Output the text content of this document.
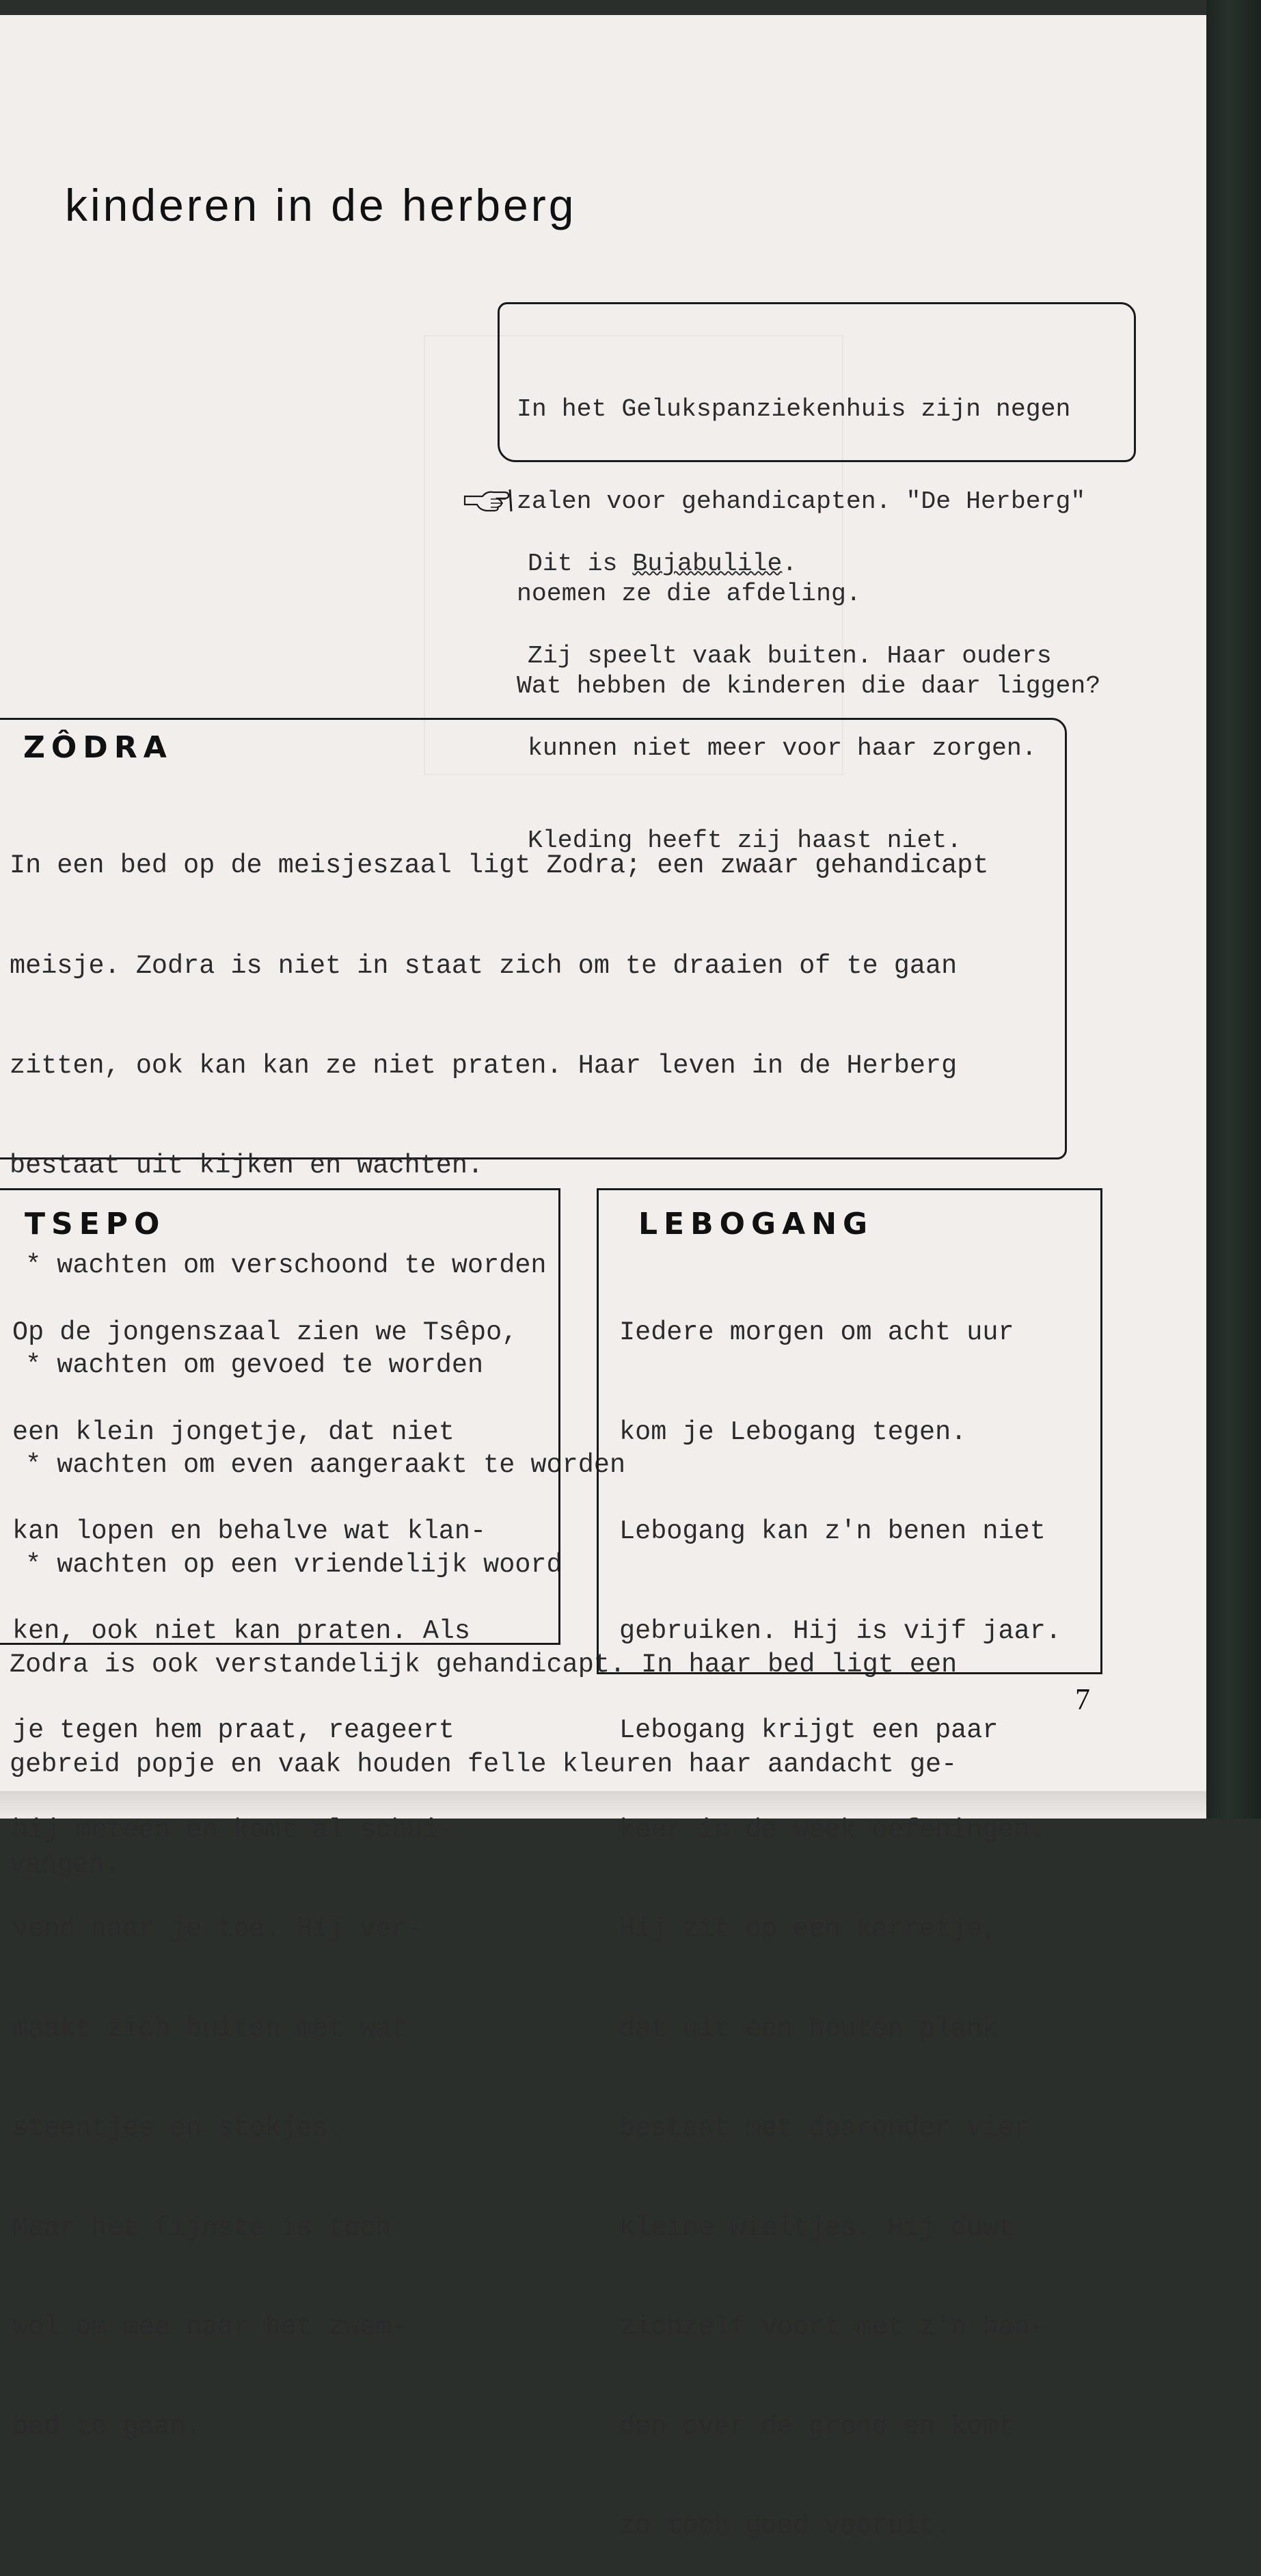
kinderen in de herberg

In het Gelukspanziekenhuis zijn negen

zalen voor gehandicapten. "De Herberg"

noemen ze die afdeling.

Wat hebben de kinderen die daar liggen?

Dit is Bujabulile.

Zij speelt vaak buiten. Haar ouders

kunnen niet meer voor haar zorgen.

Kleding heeft zij haast niet.

ZÔDRA

In een bed op de meisjeszaal ligt Zodra; een zwaar gehandicapt

meisje. Zodra is niet in staat zich om te draaien of te gaan

zitten, ook kan kan ze niet praten. Haar leven in de Herberg

bestaat uit kijken en wachten.

* wachten om verschoond te worden

* wachten om gevoed te worden

* wachten om even aangeraakt te worden

* wachten op een vriendelijk woord

Zodra is ook verstandelijk gehandicapt. In haar bed ligt een

gebreid popje en vaak houden felle kleuren haar aandacht ge-

vangen.

TSEPO

Op de jongenszaal zien we Tsêpo,

een klein jongetje, dat niet

kan lopen en behalve wat klan-

ken, ook niet kan praten. Als

je tegen hem praat, reageert

hij meteen en komt al schui-

vend naar je toe. Hij ver-

maakt zich buiten met wat

steentjes en stokjes.

Maar het fijnste is toch

wel om mee naar het zwem-

bad te gaan.

LEBOGANG

Iedere morgen om acht uur

kom je Lebogang tegen.

Lebogang kan z'n benen niet

gebruiken. Hij is vijf jaar.

Lebogang krijgt een paar

keer in de week oefeningen.

Hij zit op een karretje,

dat uit een houten plank

bestaat met daaronder vier

kleine wieltjes. Hij duwt

zichzelf voort met z'n han-

den over de grond en komt

zo toch goed vooruit.

7
